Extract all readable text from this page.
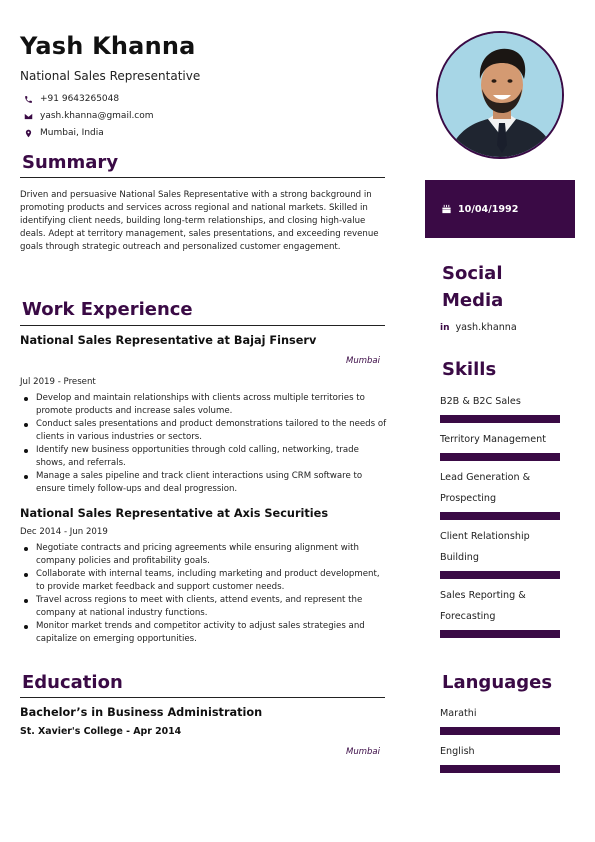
Yash Khanna
National Sales Representative
+91 9643265048
yash.khanna@gmail.com
Mumbai, India
Summary
Driven and persuasive National Sales Representative with a strong background in promoting products and services across regional and national markets. Skilled in identifying client needs, building long-term relationships, and closing high-value deals. Adept at territory management, sales presentations, and exceeding revenue goals through strategic outreach and personalized customer engagement.
Work Experience
National Sales Representative at Bajaj Finserv
Mumbai
Jul 2019 - Present
Develop and maintain relationships with clients across multiple territories to promote products and increase sales volume.
Conduct sales presentations and product demonstrations tailored to the needs of clients in various industries or sectors.
Identify new business opportunities through cold calling, networking, trade shows, and referrals.
Manage a sales pipeline and track client interactions using CRM software to ensure timely follow-ups and deal progression.
National Sales Representative at Axis Securities
Dec 2014 - Jun 2019
Negotiate contracts and pricing agreements while ensuring alignment with company policies and profitability goals.
Collaborate with internal teams, including marketing and product development, to provide market feedback and support customer needs.
Travel across regions to meet with clients, attend events, and represent the company at national industry functions.
Monitor market trends and competitor activity to adjust sales strategies and capitalize on emerging opportunities.
Education
Bachelor’s in Business Administration
St. Xavier's College - Apr 2014
Mumbai
10/04/1992
Social
Media
in yash.khanna
Skills
B2B & B2C Sales
Territory Management
Lead Generation & Prospecting
Client Relationship Building
Sales Reporting & Forecasting
Languages
Marathi
English
